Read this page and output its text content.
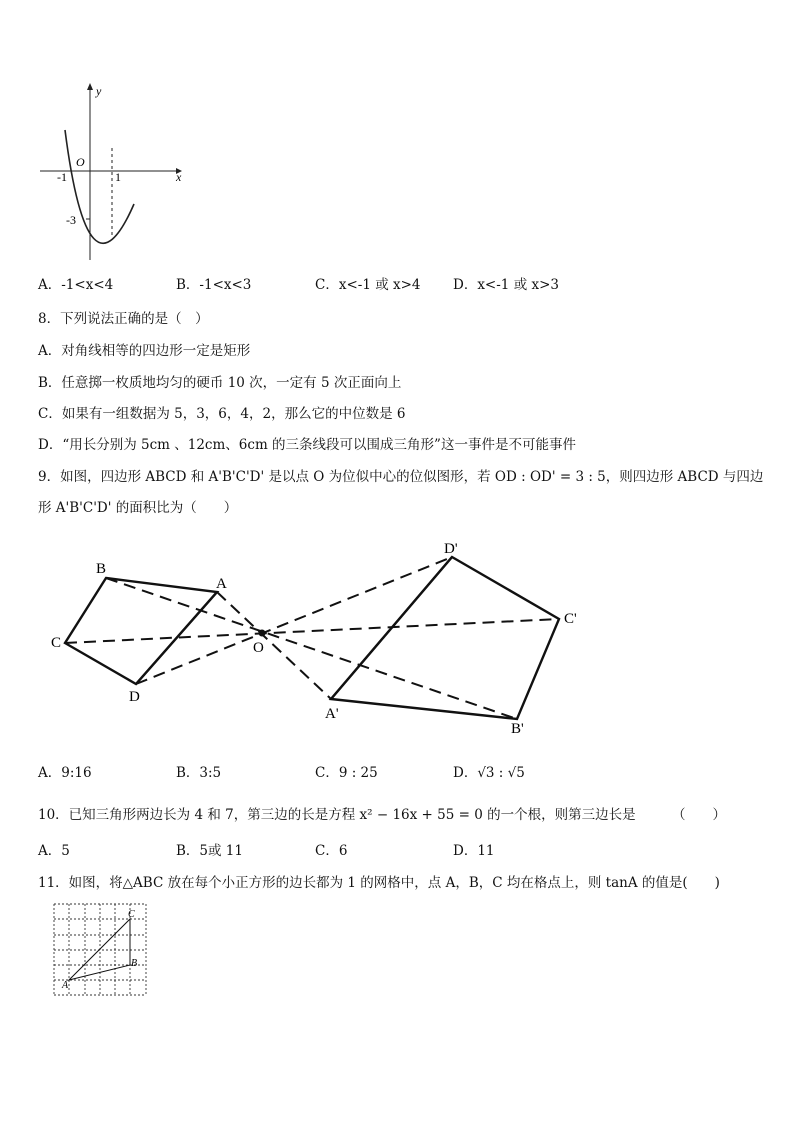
y
x
O
-1	1
-3
A．-1<x<4	B．-1<x<3	C．x<-1 或 x>4 D．x<-1 或 x>3
8．下列说法正确的是（　）
A．对角线相等的四边形一定是矩形
B．任意掷一枚质地均匀的硬币 10 次，一定有 5 次正面向上
C．如果有一组数据为 5，3，6，4，2，那么它的中位数是 6
D．“用长分别为 5cm 、12cm、6cm 的三条线段可以围成三角形”这一事件是不可能事件
9．如图，四边形 ABCD 和 A'B'C'D' 是以点 O 为位似中心的位似图形，若 OD : OD' = 3 : 5，则四边形 ABCD 与四边
形 A'B'C'D' 的面积比为（　　）
B
A
C
D
O
D'
C'
A'
B'
A．9:16	B．3:5	C．9 : 25	D．√3 : √5
10．已知三角形两边长为 4 和 7，第三边的长是方程 x² − 16x + 55 = 0 的一个根，则第三边长是	（　　）
A．5	B．5或 11	C．6	D．11
11．如图，将△ABC 放在每个小正方形的边长都为 1 的网格中，点 A，B，C 均在格点上，则 tanA 的值是(　　)
A
B
C
